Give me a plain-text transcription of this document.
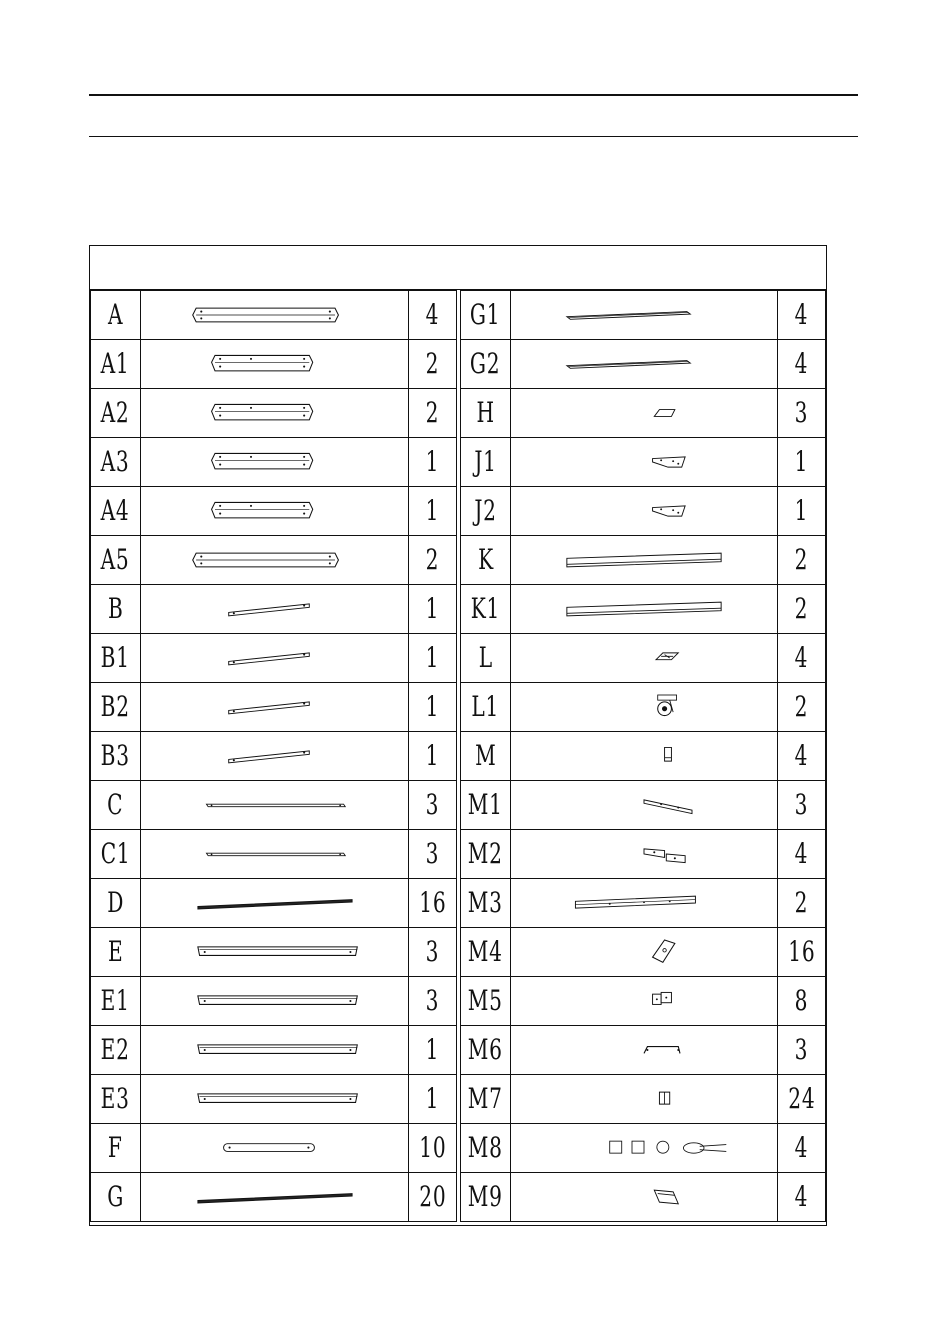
A		4
A1		2
A2		2
A3		1
A4		1
A5		2
B		1
B1		1
B2		1
B3		1
C		3
C1		3
D		16
E		3
E1		3
E2		1
E3		1
F		10
G		20
G1		4
G2		4
H		3
J1		1
J2		1
K		2
K1		2
L		4
L1		2
M		4
M1		3
M2		4
M3		2
M4		16
M5		8
M6		3
M7		24
M8		4
M9		4
